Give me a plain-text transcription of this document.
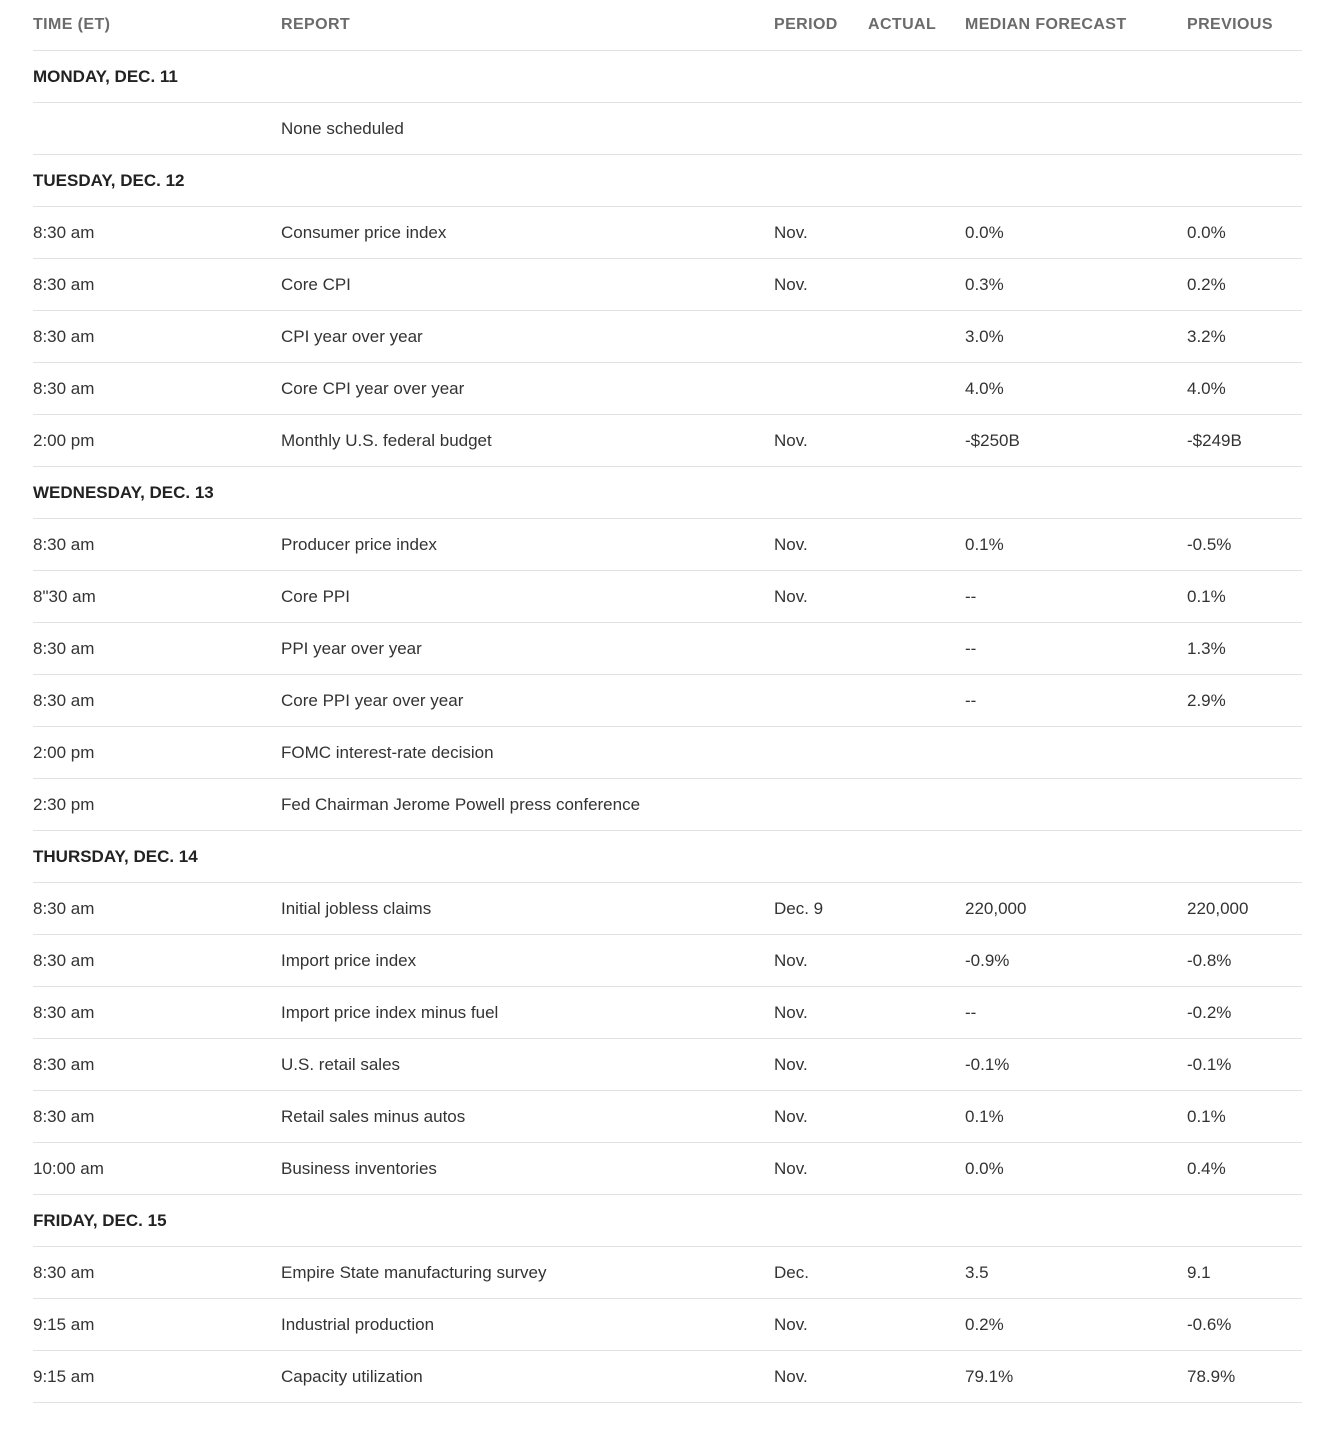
TIME (ET)	REPORT	PERIOD	ACTUAL	MEDIAN FORECAST	PREVIOUS
MONDAY, DEC. 11					
	None scheduled				
TUESDAY, DEC. 12					
8:30 am	Consumer price index	Nov.		0.0%	0.0%
8:30 am	Core CPI	Nov.		0.3%	0.2%
8:30 am	CPI year over year			3.0%	3.2%
8:30 am	Core CPI year over year			4.0%	4.0%
2:00 pm	Monthly U.S. federal budget	Nov.		-$250B	-$249B
WEDNESDAY, DEC. 13					
8:30 am	Producer price index	Nov.		0.1%	-0.5%
8"30 am	Core PPI	Nov.		--	0.1%
8:30 am	PPI year over year			--	1.3%
8:30 am	Core PPI year over year			--	2.9%
2:00 pm	FOMC interest-rate decision				
2:30 pm	Fed Chairman Jerome Powell press conference				
THURSDAY, DEC. 14					
8:30 am	Initial jobless claims	Dec. 9		220,000	220,000
8:30 am	Import price index	Nov.		-0.9%	-0.8%
8:30 am	Import price index minus fuel	Nov.		--	-0.2%
8:30 am	U.S. retail sales	Nov.		-0.1%	-0.1%
8:30 am	Retail sales minus autos	Nov.		0.1%	0.1%
10:00 am	Business inventories	Nov.		0.0%	0.4%
FRIDAY, DEC. 15					
8:30 am	Empire State manufacturing survey	Dec.		3.5	9.1
9:15 am	Industrial production	Nov.		0.2%	-0.6%
9:15 am	Capacity utilization	Nov.		79.1%	78.9%
